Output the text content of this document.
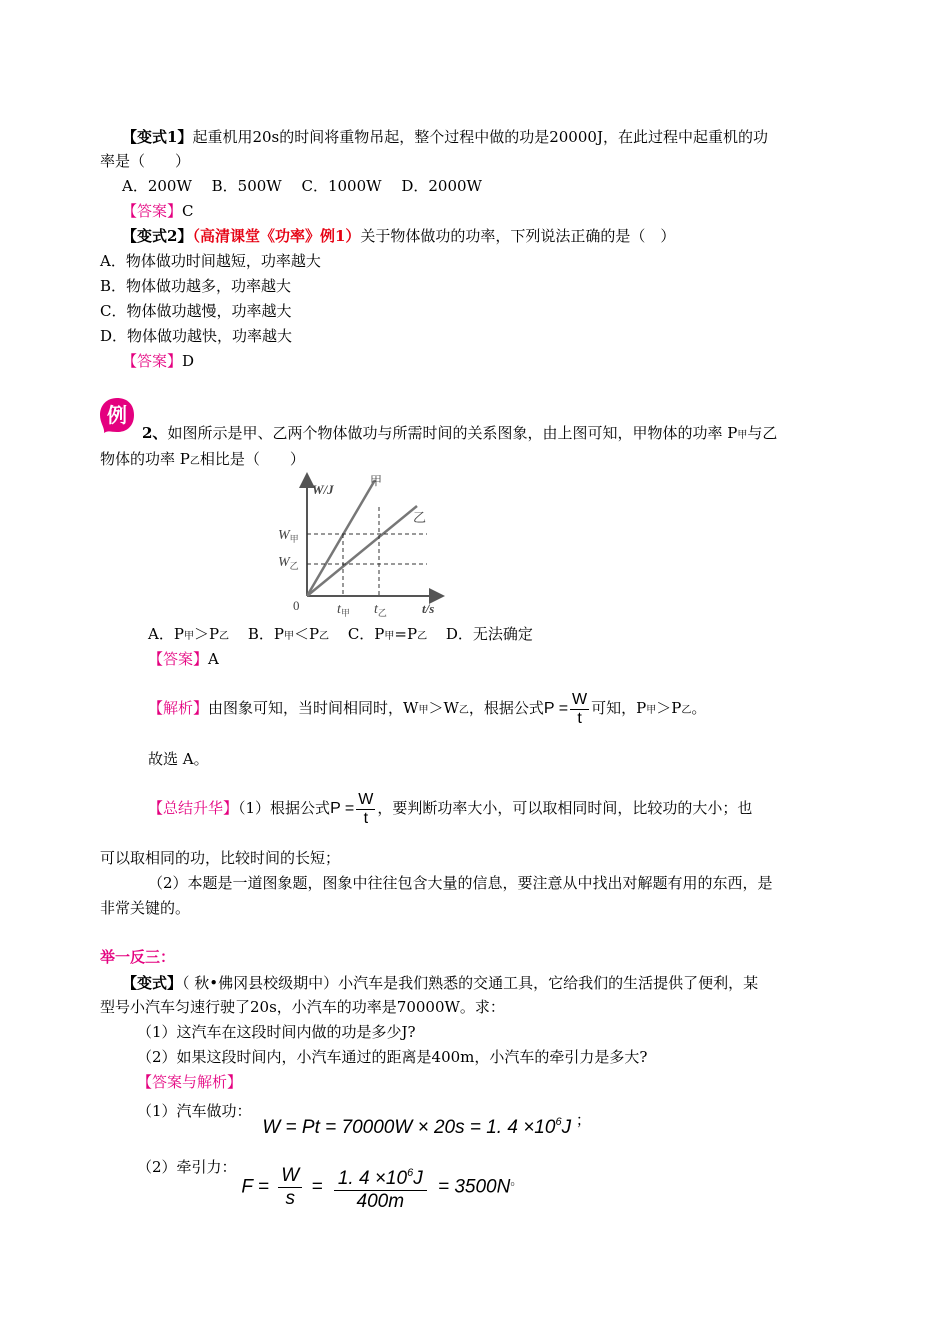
【变式1】起重机用20s的时间将重物吊起，整个过程中做的功是20000J，在此过程中起重机的功
率是（　　）
A．200W　 B．500W　 C．1000W　 D．2000W
【答案】C
【变式2】（高清课堂《功率》例1）关于物体做功的功率，下列说法正确的是（　）
A．物体做功时间越短，功率越大
B．物体做功越多，功率越大
C．物体做功越慢，功率越大
D．物体做功越快，功率越大
【答案】D
例
2、如图所示是甲、乙两个物体做功与所需时间的关系图象，由上图可知，甲物体的功率 P甲与乙
物体的功率 P乙相比是（　　）
W/J
t/s
0
甲
乙
$W_甲$
$W_乙$
$t_甲$ $t_乙$
A．P甲＞P乙 B．P甲＜P乙 C．P甲=P乙 D．无法确定
【答案】A
【解析】由图象可知，当时间相同时，W甲＞W乙，根据公式$P = \frac{W}{t}$ 可知，P甲＞P乙。
故选 A。
【总结升华】（1）根据公式$P = \frac{W}{t}$ ，要判断功率大小，可以取相同时间，比较功的大小；也
可以取相同的功，比较时间的长短；
（2）本题是一道图象题，图象中往往包含大量的信息，要注意从中找出对解题有用的东西，是
非常关键的。
举一反三：
【变式】（ 秋•佛冈县校级期中）小汽车是我们熟悉的交通工具，它给我们的生活提供了便利，某
型号小汽车匀速行驶了20s，小汽车的功率是70000W。求：
（1）这汽车在这段时间内做的功是多少J?
（2）如果这段时间内，小汽车通过的距离是400m，小汽车的牵引力是多大?
【答案与解析】
（1）汽车做功： W = Pt = 70000W × 20s = 1. $4 \times 10^6J$ ；
（2）牵引力： $F = \frac{W}{s} = \frac{1. 4 \times 10^6J}{400m} = 3500N^。$
